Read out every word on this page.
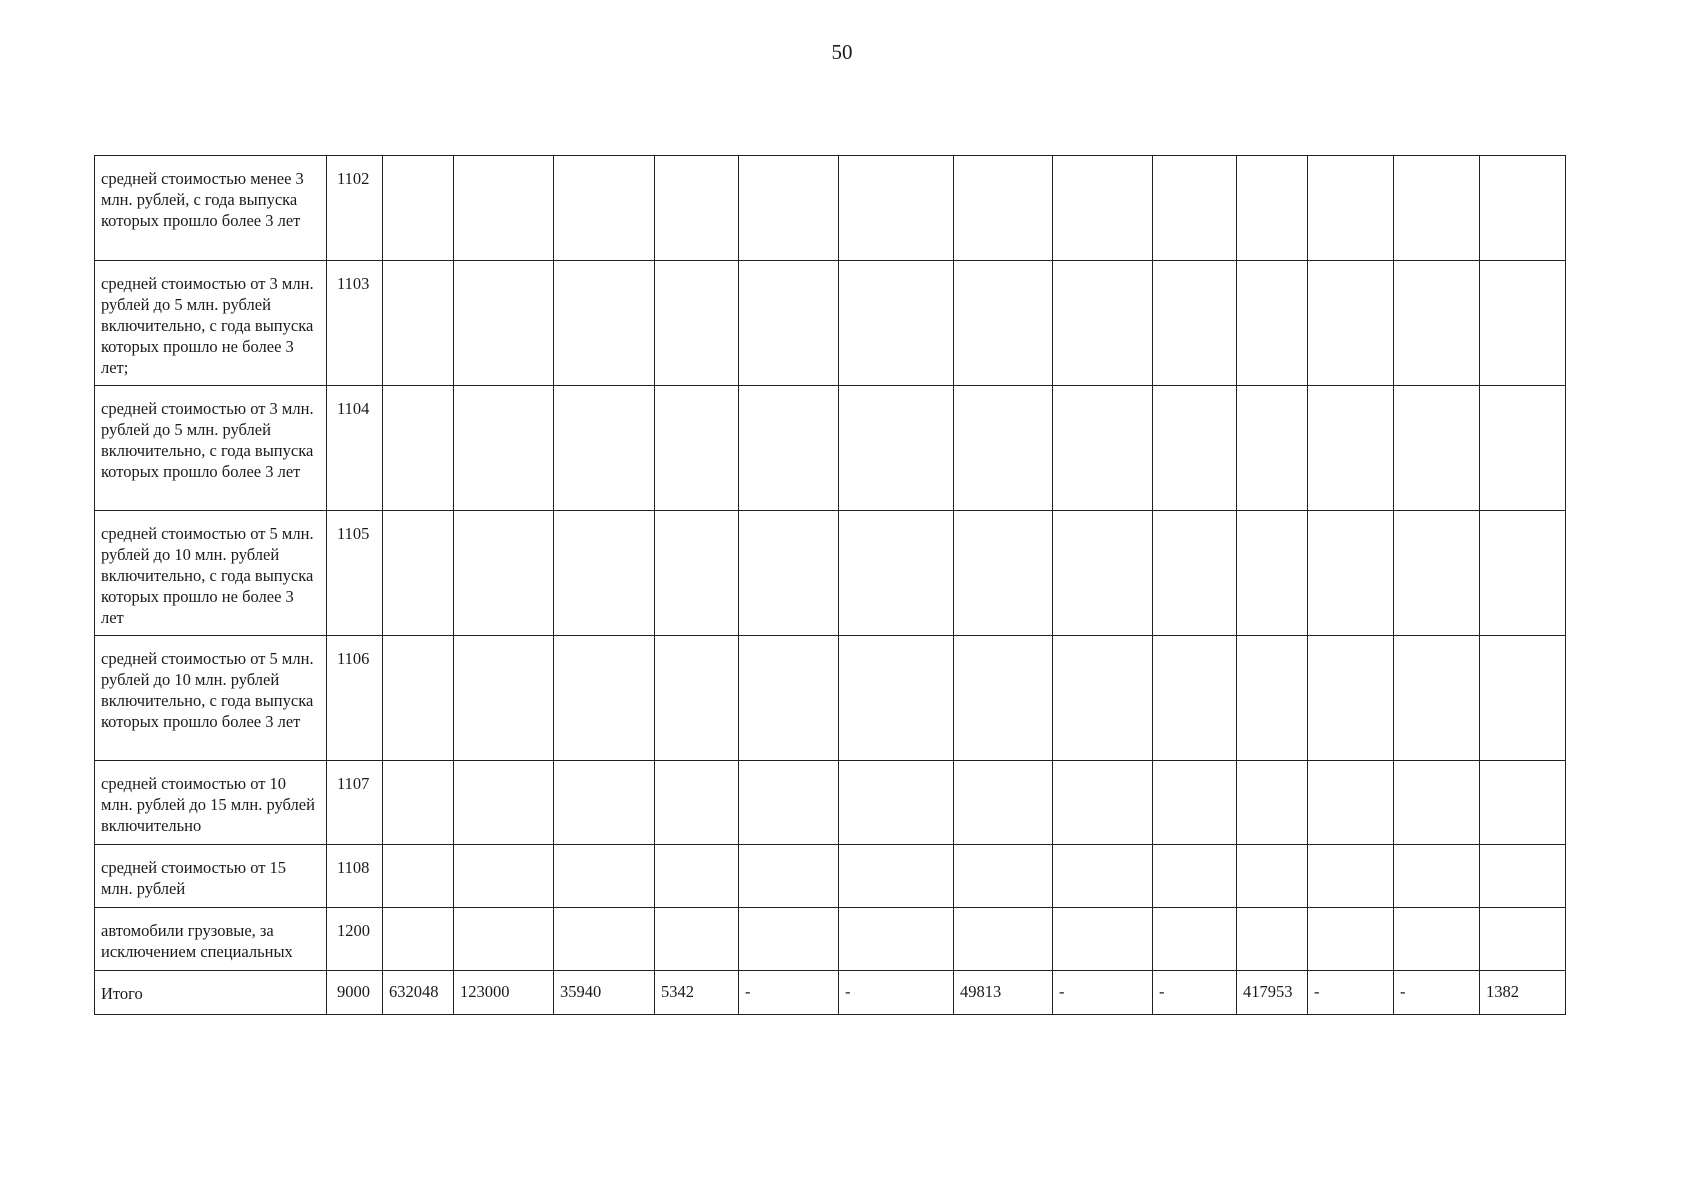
50
средней стоимостью менее 3 млн. рублей, с года выпуска которых прошло более 3 лет	1102													
средней стоимостью от 3 млн. рублей до 5 млн. рублей включительно, с года выпуска которых прошло не более 3 лет;	1103													
средней стоимостью от 3 млн. рублей до 5 млн. рублей включительно, с года выпуска которых прошло более 3 лет	1104													
средней стоимостью от 5 млн. рублей до 10 млн. рублей включительно, с года выпуска которых прошло не более 3 лет	1105													
средней стоимостью от 5 млн. рублей до 10 млн. рублей включительно, с года выпуска которых прошло более 3 лет	1106													
средней стоимостью от 10 млн. рублей до 15 млн. рублей включительно	1107													
средней стоимостью от 15 млн. рублей	1108													
автомобили грузовые, за исключением специальных	1200													
Итого	9000	632048	123000	35940	5342	-	-	49813	-	-	417953	-	-	1382
